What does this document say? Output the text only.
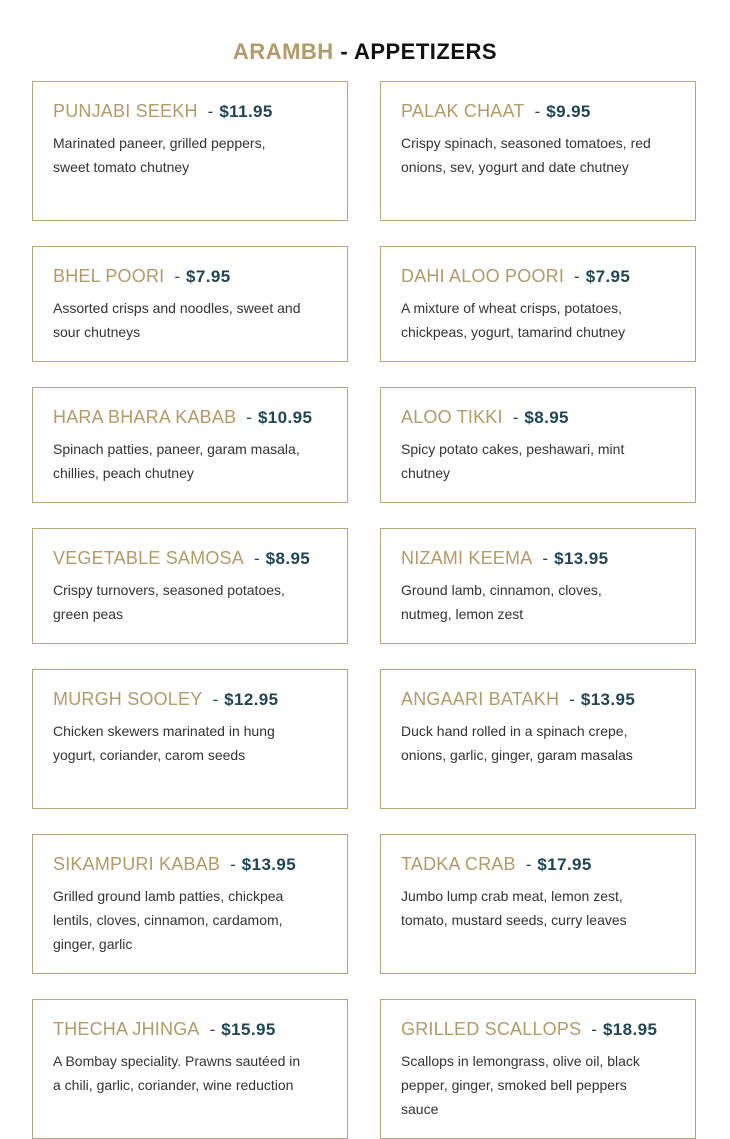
ARAMBH - APPETIZERS
PUNJABI SEEKH - $11.95
Marinated paneer, grilled peppers, sweet tomato chutney
PALAK CHAAT - $9.95
Crispy spinach, seasoned tomatoes, red onions, sev, yogurt and date chutney
BHEL POORI - $7.95
Assorted crisps and noodles, sweet and sour chutneys
DAHI ALOO POORI - $7.95
A mixture of wheat crisps, potatoes, chickpeas, yogurt, tamarind chutney
HARA BHARA KABAB - $10.95
Spinach patties, paneer, garam masala, chillies, peach chutney
ALOO TIKKI - $8.95
Spicy potato cakes, peshawari, mint chutney
VEGETABLE SAMOSA - $8.95
Crispy turnovers, seasoned potatoes, green peas
NIZAMI KEEMA - $13.95
Ground lamb, cinnamon, cloves, nutmeg, lemon zest
MURGH SOOLEY - $12.95
Chicken skewers marinated in hung yogurt, coriander, carom seeds
ANGAARI BATAKH - $13.95
Duck hand rolled in a spinach crepe, onions, garlic, ginger, garam masalas
SIKAMPURI KABAB - $13.95
Grilled ground lamb patties, chickpea lentils, cloves, cinnamon, cardamom, ginger, garlic
TADKA CRAB - $17.95
Jumbo lump crab meat, lemon zest, tomato, mustard seeds, curry leaves
THECHA JHINGA - $15.95
A Bombay speciality. Prawns sautéed in a chili, garlic, coriander, wine reduction
GRILLED SCALLOPS - $18.95
Scallops in lemongrass, olive oil, black pepper, ginger, smoked bell peppers sauce
